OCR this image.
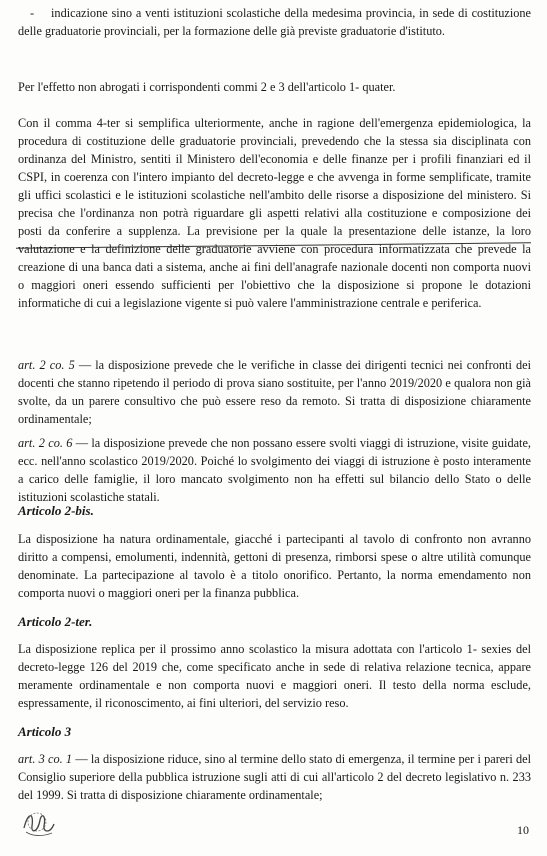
-	indicazione sino a venti istituzioni scolastiche della medesima provincia, in sede di costituzione delle graduatorie provinciali, per la formazione delle già previste graduatorie d'istituto.

Per l'effetto non abrogati i corrispondenti commi 2 e 3 dell'articolo 1- quater.

Con il comma 4-ter si semplifica ulteriormente, anche in ragione dell'emergenza epidemiologica, la procedura di costituzione delle graduatorie provinciali, prevedendo che la stessa sia disciplinata con ordinanza del Ministro, sentiti il Ministero dell'economia e delle finanze per i profili finanziari ed il CSPI, in coerenza con l'intero impianto del decreto-legge e che avvenga in forme semplificate, tramite gli uffici scolastici e le istituzioni scolastiche nell'ambito delle risorse a disposizione del ministero. Si precisa che l'ordinanza non potrà riguardare gli aspetti relativi alla costituzione e composizione dei posti da conferire a supplenza. La previsione per la quale la presentazione delle istanze, la loro valutazione e la definizione delle graduatorie avviene con procedura informatizzata che prevede la creazione di una banca dati a sistema, anche ai fini dell'anagrafe nazionale docenti non comporta nuovi o maggiori oneri essendo sufficienti per l'obiettivo che la disposizione si propone le dotazioni informatiche di cui a legislazione vigente si può valere l'amministrazione centrale e periferica.

art. 2 co. 5 — la disposizione prevede che le verifiche in classe dei dirigenti tecnici nei confronti dei docenti che stanno ripetendo il periodo di prova siano sostituite, per l'anno 2019/2020 e qualora non già svolte, da un parere consultivo che può essere reso da remoto. Si tratta di disposizione chiaramente ordinamentale;

art. 2 co. 6 — la disposizione prevede che non possano essere svolti viaggi di istruzione, visite guidate, ecc. nell'anno scolastico 2019/2020. Poiché lo svolgimento dei viaggi di istruzione è posto interamente a carico delle famiglie, il loro mancato svolgimento non ha effetti sul bilancio dello Stato o delle istituzioni scolastiche statali.

Articolo 2-bis.

La disposizione ha natura ordinamentale, giacché i partecipanti al tavolo di confronto non avranno diritto a compensi, emolumenti, indennità, gettoni di presenza, rimborsi spese o altre utilità comunque denominate. La partecipazione al tavolo è a titolo onorifico. Pertanto, la norma emendamento non comporta nuovi o maggiori oneri per la finanza pubblica.

Articolo 2-ter.

La disposizione replica per il prossimo anno scolastico la misura adottata con l'articolo 1- sexies del decreto-legge 126 del 2019 che, come specificato anche in sede di relativa relazione tecnica, appare meramente ordinamentale e non comporta nuovi e maggiori oneri. Il testo della norma esclude, espressamente, il riconoscimento, ai fini ulteriori, del servizio reso.

Articolo 3

art. 3 co. 1 — la disposizione riduce, sino al termine dello stato di emergenza, il termine per i pareri del Consiglio superiore della pubblica istruzione sugli atti di cui all'articolo 2 del decreto legislativo n. 233 del 1999. Si tratta di disposizione chiaramente ordinamentale;

10
